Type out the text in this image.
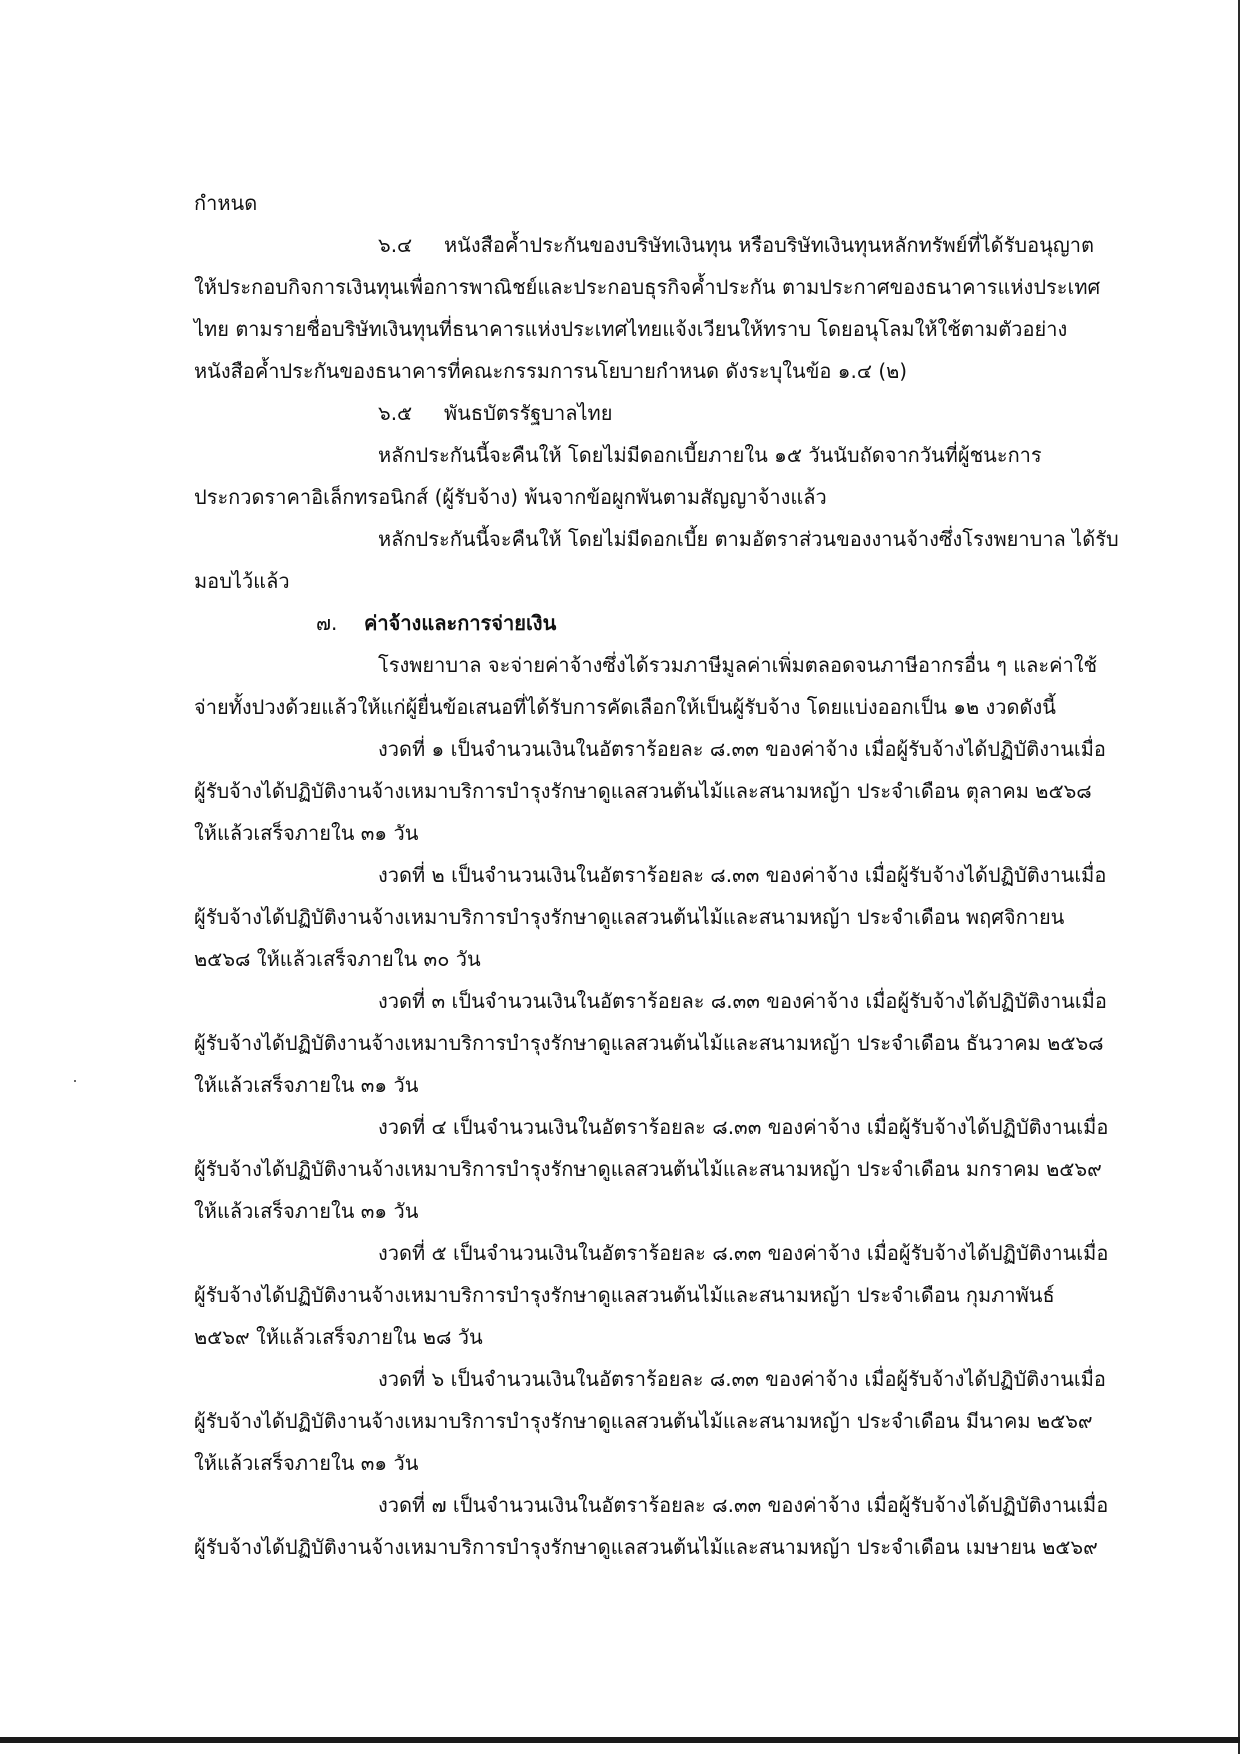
กำหนด
๖.๔ หนังสือค้ำประกันของบริษัทเงินทุน หรือบริษัทเงินทุนหลักทรัพย์ที่ได้รับอนุญาต
ให้ประกอบกิจการเงินทุนเพื่อการพาณิชย์และประกอบธุรกิจค้ำประกัน ตามประกาศของธนาคารแห่งประเทศ
ไทย ตามรายชื่อบริษัทเงินทุนที่ธนาคารแห่งประเทศไทยแจ้งเวียนให้ทราบ โดยอนุโลมให้ใช้ตามตัวอย่าง
หนังสือค้ำประกันของธนาคารที่คณะกรรมการนโยบายกำหนด ดังระบุในข้อ ๑.๔ (๒)
๖.๕ พันธบัตรรัฐบาลไทย
หลักประกันนี้จะคืนให้ โดยไม่มีดอกเบี้ยภายใน ๑๕ วันนับถัดจากวันที่ผู้ชนะการ
ประกวดราคาอิเล็กทรอนิกส์ (ผู้รับจ้าง) พ้นจากข้อผูกพันตามสัญญาจ้างแล้ว
หลักประกันนี้จะคืนให้ โดยไม่มีดอกเบี้ย ตามอัตราส่วนของงานจ้างซึ่งโรงพยาบาล ได้รับ
มอบไว้แล้ว
๗. ค่าจ้างและการจ่ายเงิน
โรงพยาบาล จะจ่ายค่าจ้างซึ่งได้รวมภาษีมูลค่าเพิ่มตลอดจนภาษีอากรอื่น ๆ และค่าใช้
จ่ายทั้งปวงด้วยแล้วให้แก่ผู้ยื่นข้อเสนอที่ได้รับการคัดเลือกให้เป็นผู้รับจ้าง โดยแบ่งออกเป็น ๑๒ งวดดังนี้
งวดที่ ๑ เป็นจำนวนเงินในอัตราร้อยละ ๘.๓๓ ของค่าจ้าง เมื่อผู้รับจ้างได้ปฏิบัติงานเมื่อ
ผู้รับจ้างได้ปฏิบัติงานจ้างเหมาบริการบำรุงรักษาดูแลสวนต้นไม้และสนามหญ้า ประจำเดือน ตุลาคม ๒๕๖๘
ให้แล้วเสร็จภายใน ๓๑ วัน
งวดที่ ๒ เป็นจำนวนเงินในอัตราร้อยละ ๘.๓๓ ของค่าจ้าง เมื่อผู้รับจ้างได้ปฏิบัติงานเมื่อ
ผู้รับจ้างได้ปฏิบัติงานจ้างเหมาบริการบำรุงรักษาดูแลสวนต้นไม้และสนามหญ้า ประจำเดือน พฤศจิกายน
๒๕๖๘ ให้แล้วเสร็จภายใน ๓๐ วัน
งวดที่ ๓ เป็นจำนวนเงินในอัตราร้อยละ ๘.๓๓ ของค่าจ้าง เมื่อผู้รับจ้างได้ปฏิบัติงานเมื่อ
ผู้รับจ้างได้ปฏิบัติงานจ้างเหมาบริการบำรุงรักษาดูแลสวนต้นไม้และสนามหญ้า ประจำเดือน ธันวาคม ๒๕๖๘
ให้แล้วเสร็จภายใน ๓๑ วัน
งวดที่ ๔ เป็นจำนวนเงินในอัตราร้อยละ ๘.๓๓ ของค่าจ้าง เมื่อผู้รับจ้างได้ปฏิบัติงานเมื่อ
ผู้รับจ้างได้ปฏิบัติงานจ้างเหมาบริการบำรุงรักษาดูแลสวนต้นไม้และสนามหญ้า ประจำเดือน มกราคม ๒๕๖๙
ให้แล้วเสร็จภายใน ๓๑ วัน
งวดที่ ๕ เป็นจำนวนเงินในอัตราร้อยละ ๘.๓๓ ของค่าจ้าง เมื่อผู้รับจ้างได้ปฏิบัติงานเมื่อ
ผู้รับจ้างได้ปฏิบัติงานจ้างเหมาบริการบำรุงรักษาดูแลสวนต้นไม้และสนามหญ้า ประจำเดือน กุมภาพันธ์
๒๕๖๙ ให้แล้วเสร็จภายใน ๒๘ วัน
งวดที่ ๖ เป็นจำนวนเงินในอัตราร้อยละ ๘.๓๓ ของค่าจ้าง เมื่อผู้รับจ้างได้ปฏิบัติงานเมื่อ
ผู้รับจ้างได้ปฏิบัติงานจ้างเหมาบริการบำรุงรักษาดูแลสวนต้นไม้และสนามหญ้า ประจำเดือน มีนาคม ๒๕๖๙
ให้แล้วเสร็จภายใน ๓๑ วัน
งวดที่ ๗ เป็นจำนวนเงินในอัตราร้อยละ ๘.๓๓ ของค่าจ้าง เมื่อผู้รับจ้างได้ปฏิบัติงานเมื่อ
ผู้รับจ้างได้ปฏิบัติงานจ้างเหมาบริการบำรุงรักษาดูแลสวนต้นไม้และสนามหญ้า ประจำเดือน เมษายน ๒๕๖๙
